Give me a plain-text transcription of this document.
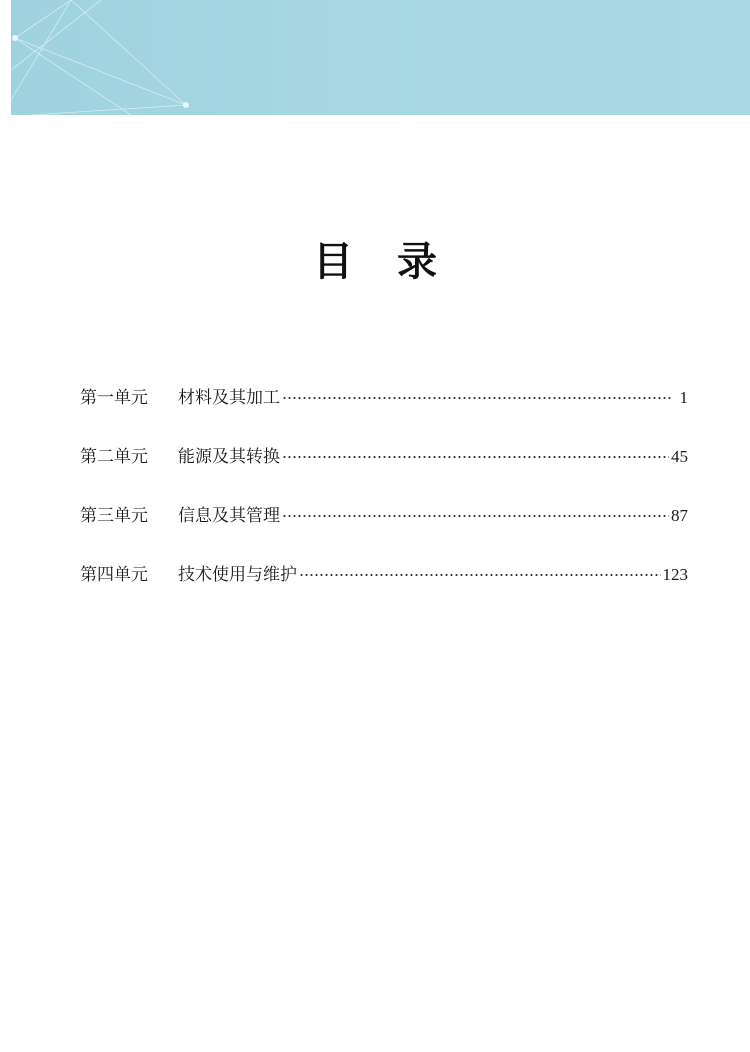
目录
第一单元	材料及其加工	1
第二单元	能源及其转换	45
第三单元	信息及其管理	87
第四单元	技术使用与维护	123
